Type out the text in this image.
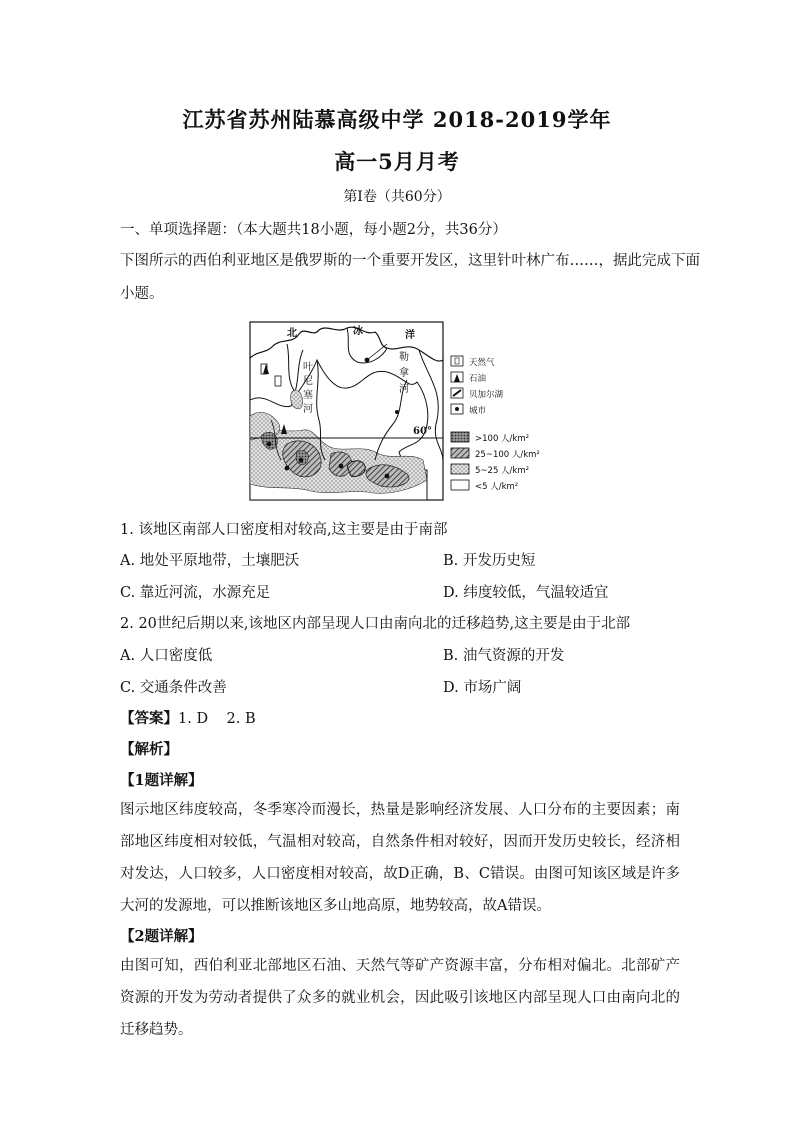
江苏省苏州陆慕高级中学 2018-2019学年
高一5月月考
第Ⅰ卷（共60分）
一、单项选择题：（本大题共18小题，每小题2分，共36分）
下图所示的西伯利亚地区是俄罗斯的一个重要开发区，这里针叶林广布……，据此完成下面
小题。
北	冰	洋
叶
尼
塞
河
勒
拿
河
60°
天然气
石油
贝加尔湖
城市
>100 人/km²
25~100 人/km²
5~25 人/km²
<5 人/km²
1. 该地区南部人口密度相对较高,这主要是由于南部
A. 地处平原地带，土壤肥沃	B. 开发历史短
C. 靠近河流，水源充足	D. 纬度较低，气温较适宜
2. 20世纪后期以来,该地区内部呈现人口由南向北的迁移趋势,这主要是由于北部
A. 人口密度低	B. 油气资源的开发
C. 交通条件改善	D. 市场广阔
【答案】1. D    2. B
【解析】
【1题详解】
图示地区纬度较高，冬季寒冷而漫长，热量是影响经济发展、人口分布的主要因素；南部地区纬度相对较低，气温相对较高，自然条件相对较好，因而开发历史较长，经济相对发达，人口较多，人口密度相对较高，故D正确，B、C错误。由图可知该区域是许多大河的发源地，可以推断该地区多山地高原，地势较高，故A错误。
【2题详解】
由图可知，西伯利亚北部地区石油、天然气等矿产资源丰富，分布相对偏北。北部矿产资源的开发为劳动者提供了众多的就业机会，因此吸引该地区内部呈现人口由南向北的迁移趋势。
